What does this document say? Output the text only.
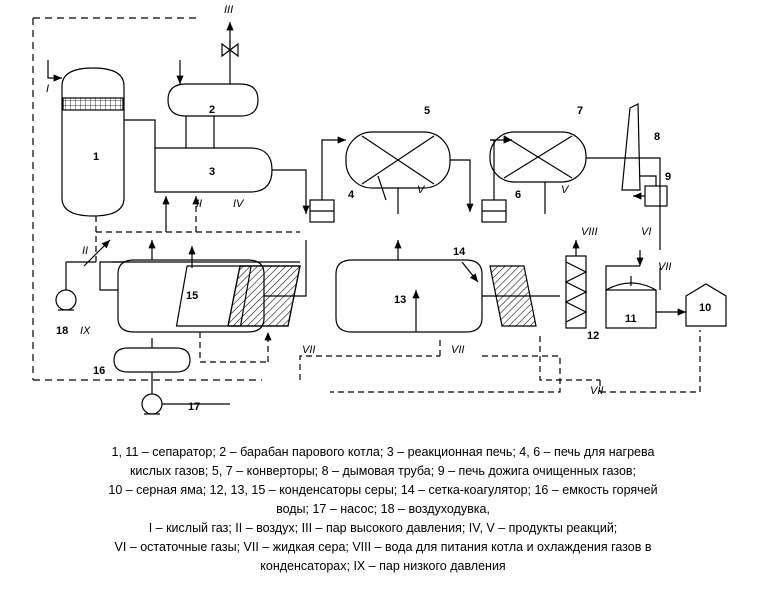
1
2
3
4
5
6
7
8
9
10
11
12
13
14
15
16
17
18
I
II
II
III
IV
V	V
VI
VII	VII
VII
VII
VIII
IX

1, 11 – сепаратор; 2 – барабан парового котла; 3 – реакционная печь; 4, 6 – печь для нагрева

кислых газов; 5, 7 – конверторы; 8 – дымовая труба; 9 – печь дожига очищенных газов;

10 – серная яма; 12, 13, 15 – конденсаторы серы; 14 – сетка-коагулятор; 16 – емкость горячей

воды; 17 – насос; 18 – воздуходувка,

I – кислый газ; II – воздух; III – пар высокого давления; IV, V – продукты реакций;

VI – остаточные газы; VII – жидкая сера; VIII – вода для питания котла и охлаждения газов в

конденсаторах; IX – пар низкого давления
